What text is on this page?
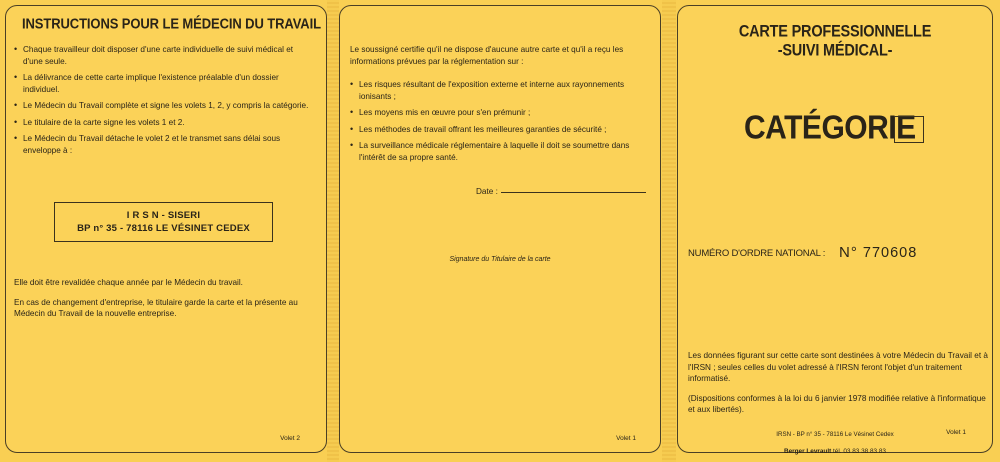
INSTRUCTIONS POUR LE MÉDECIN DU TRAVAIL
• Chaque travailleur doit disposer d'une carte individuelle de suivi médical et d'une seule.
• La délivrance de cette carte implique l'existence préalable d'un dossier individuel.
• Le Médecin du Travail complète et signe les volets 1, 2, y compris la catégorie.
• Le titulaire de la carte signe les volets 1 et 2.
• Le Médecin du Travail détache le volet 2 et le transmet sans délai sous enveloppe à :
I R S N - SISERI
BP n° 35 - 78116 LE VÉSINET CEDEX

Elle doit être revalidée chaque année par le Médecin du travail.

En cas de changement d'entreprise, le titulaire garde la carte et la présente au Médecin du Travail de la nouvelle entreprise.

Volet 2

Le soussigné certifie qu'il ne dispose d'aucune autre carte et qu'il a reçu les informations prévues par la réglementation sur :

• Les risques résultant de l'exposition externe et interne aux rayonnements ionisants ;
• Les moyens mis en œuvre pour s'en prémunir ;
• Les méthodes de travail offrant les meilleures garanties de sécurité ;
• La surveillance médicale réglementaire à laquelle il doit se soumettre dans l'intérêt de sa propre santé.
Date :
Signature du Titulaire de la carte
Volet 1
CARTE PROFESSIONNELLE
-SUIVI MÉDICAL-
CATÉGORIE
NUMÉRO D'ORDRE NATIONAL : N° 770608

Les données figurant sur cette carte sont destinées à votre Médecin du Travail et à l'IRSN ; seules celles du volet adressé à l'IRSN feront l'objet d'un traitement informatisé.

(Dispositions conformes à la loi du 6 janvier 1978 modifiée relative à l'informatique et aux libertés).

IRSN - BP n° 35 - 78116 Le Vésinet Cedex	Volet 1
Berger Levrault tél. 03 83 38 83 83
